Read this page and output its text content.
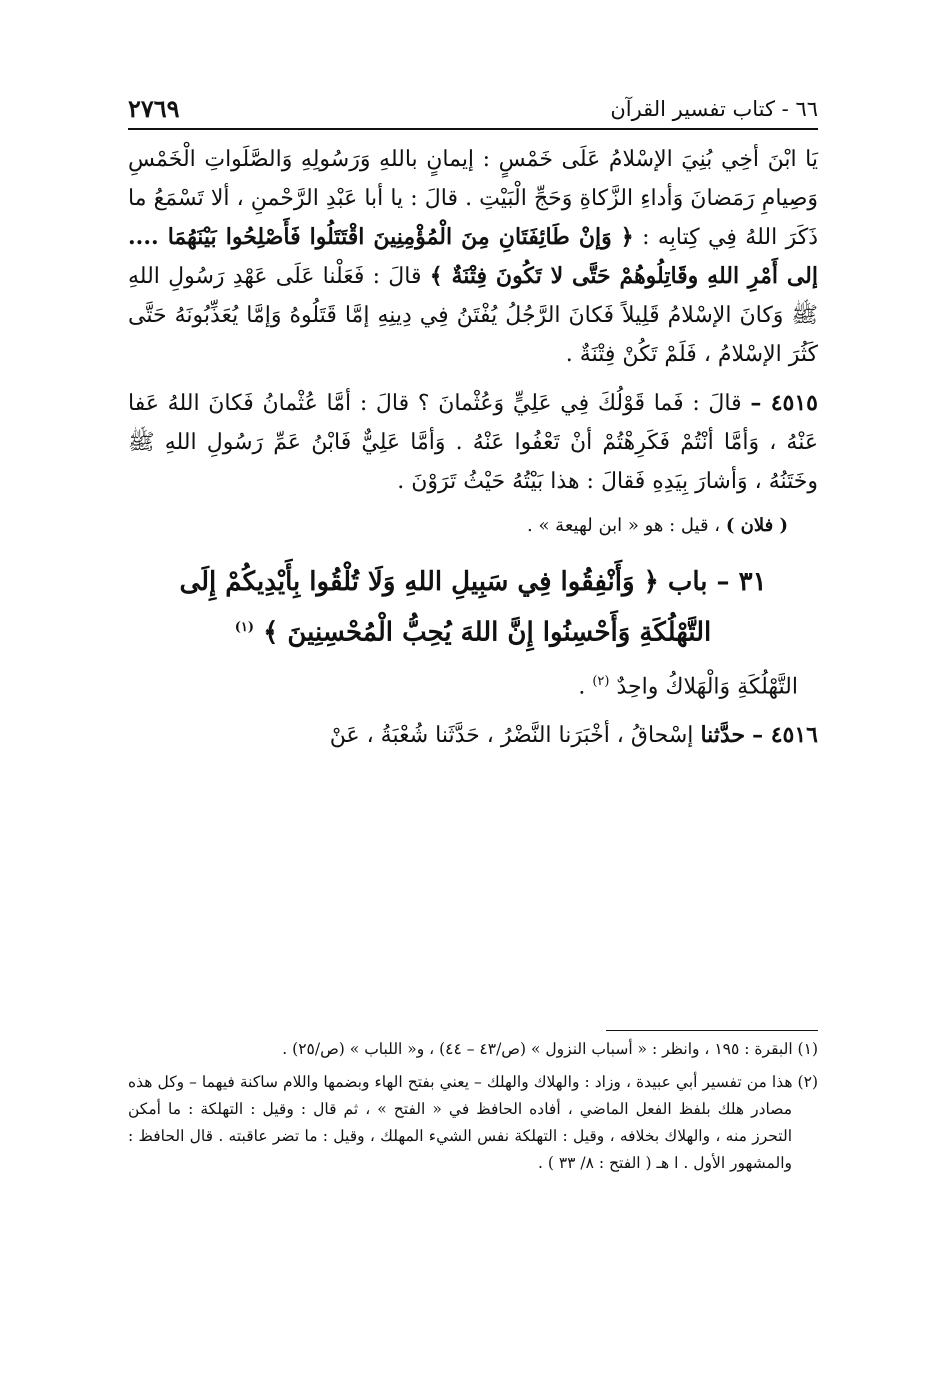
٢٧٦٩	٦٦ - كتاب تفسير القرآن

يَا ابْنَ أخِي بُنِيَ الإسْلامُ عَلَى خَمْسٍ : إيمانٍ باللهِ وَرَسُولِهِ وَالصَّلَواتِ الْخَمْسِ وَصِيامِ رَمَضانَ وَأداءِ الزَّكاةِ وَحَجِّ الْبَيْتِ . قالَ : يا أبا عَبْدِ الرَّحْمنِ ، ألا تَسْمَعُ ما ذَكَرَ اللهُ فِي كِتابِه : ﴿ وَإنْ طَائِفَتَانِ مِنَ الْمُؤْمِنِينَ اقْتَتَلُوا فَأَصْلِحُوا بَيْنَهُمَا .... إلى أَمْرِ اللهِ وقَاتِلُوهُمْ حَتَّى لا تَكُونَ فِتْنَةٌ ﴾ قالَ : فَعَلْنا عَلَى عَهْدِ رَسُولِ اللهِ ﷺ وَكانَ الإسْلامُ قَلِيلاً فَكانَ الرَّجُلُ يُفْتَنُ فِي دِينِهِ إمَّا قَتَلُوهُ وَإمَّا يُعَذِّبُونَهُ حَتَّى كَثُرَ الإسْلامُ ، فَلَمْ تَكُنْ فِتْنَةٌ .

٤٥١٥ – قالَ : فَما قَوْلُكَ فِي عَلِيٍّ وَعُثْمانَ ؟ قالَ : أمَّا عُثْمانُ فَكانَ اللهُ عَفا عَنْهُ ، وَأمَّا أنْتُمْ فَكَرِهْتُمْ أنْ تَعْفُوا عَنْهُ . وَأمَّا عَلِيٌّ فَابْنُ عَمِّ رَسُولِ اللهِ ﷺ وخَتَنُهُ ، وَأشارَ بِيَدِهِ فَقالَ : هذا بَيْتُهُ حَيْثُ تَرَوْنَ .

( فلان ) ، قيل : هو « ابن لهيعة » .

٣١ – باب ﴿ وَأَنْفِقُوا فِي سَبِيلِ اللهِ وَلَا تُلْقُوا بِأَيْدِيكُمْ إِلَى التَّهْلُكَةِ وَأَحْسِنُوا إِنَّ اللهَ يُحِبُّ الْمُحْسِنِينَ ﴾ $^{(١)}$

التَّهْلُكَةِ وَالْهَلاكُ واحِدٌ $^{(٢)}$ .

٤٥١٦ – حدَّثنا إسْحاقُ ، أخْبَرَنا النَّضْرُ ، حَدَّثَنا شُعْبَةُ ، عَنْ

(١) البقرة : ١٩٥ ، وانظر : « أسباب النزول » (ص/٤٣ – ٤٤) ، و« اللباب » (ص/٢٥) .

(٢) هذا من تفسير أبي عبيدة ، وزاد : والهلاك والهلك – يعني بفتح الهاء وبضمها واللام ساكنة فيهما – وكل هذه مصادر هلك بلفظ الفعل الماضي ، أفاده الحافظ في « الفتح » ، ثم قال : وقيل : التهلكة : ما أمكن التحرز منه ، والهلاك بخلافه ، وقيل : التهلكة نفس الشيء المهلك ، وقيل : ما تضر عاقبته . قال الحافظ : والمشهور الأول . ا هـ ( الفتح : ٨/ ٣٣ ) .
